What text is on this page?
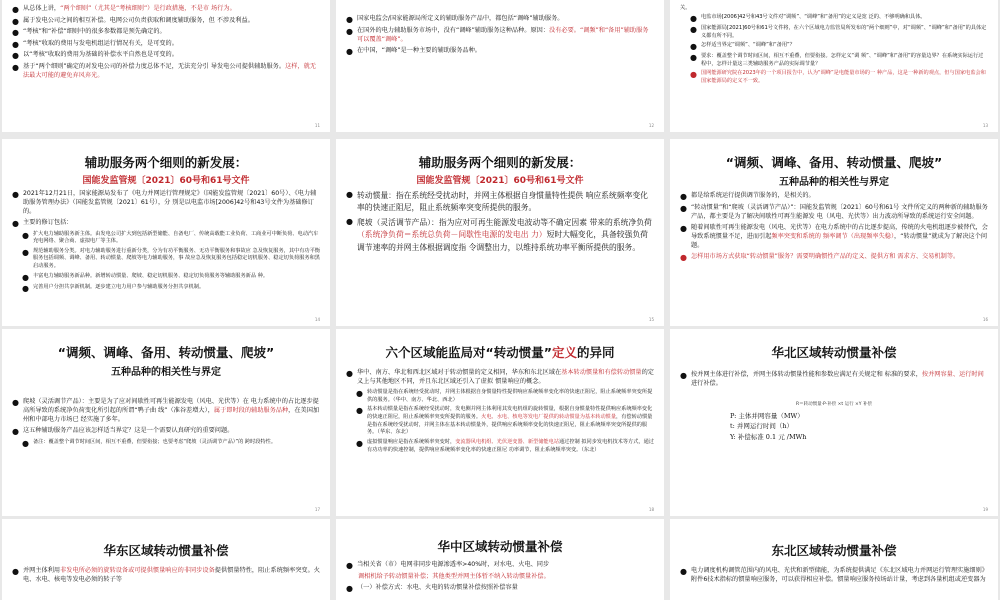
● 从总体上讲，“两个细则”（尤其是“考核细则”）是行政措施，不是市 场行为。
● 属于发电公司之间的相互补偿。电网公司负责获取和调度辅助服务，但 不涉及利益。
● “考核”和“补偿”细则中的很多参数都是预先确定的。
● “考核”收取的费用与发电机组运行情况有关，是可变的。
● 以“考核”收取的费用为基础的补偿水平自然也是可变的。
● 基于“两个细则”确定的对发电公司的补偿力度总体不足，无法充分引 导发电公司提供辅助服务。这样，就无法最大可能的避免弃风弃光。
11
● 国家电监会/国家能源局所定义的辅助服务产品中，都包括“调峰”辅助服务。
● 在国外的电力辅助服务市场中，没有“调峰”辅助服务这种品种。原因：没有必要。“调频”和“备用”辅助服务可以覆盖“调峰”。
● 在中国，“调峰”是一种主要的辅助服务品种。
12
关。
● 电监市场[2006]42号和43号文件对“调频”、“调峰”和“备用”的定义是宽 泛的、不够明确和具体。
● 国家能源局[2021]60号和61号文件将，在六个区域电力监管局所发布的“两个细则”中，对“调频”、“调峰”和“备用”的具体定义都有所不同。
● 怎样适当界定“调频”、“调峰”和“备用”？
● 要求：覆盖整个调节时间区间，相互不重叠，但要衔接。怎样定义“调 频”、“调峰”和“备用”的容量边界？在系统实际运行过程中，怎样计量这三类辅助服务产品的实际调节量？
● 国网能源研究院在2023年的一个项目报告中，认为“调峰”是电能量市场的一 种产品，这是一种新的观点，但与国家电监会和国家能源局的定义不一致。
13
辅助服务两个细则的新发展：
国能发监管规〔2021〕60号和61号文件
● 2021年12月21日，国家能源局发布了《电力并网运行管理规定》（国能发监管规〔2021〕60号）、《电力辅助服务管理办法》（国能发监管规〔2021〕61号），分 别是以电监市场[2006]42号和43号文件为基础修订的。
● 主要的修订包括：
● 扩大电力辅助服务新主体。由发电公司扩大到包括新型储能、自备电厂、传统高载能工业负荷、工商业可中断负荷、电动汽车充电网络、聚合商、虚拟电厂等主体。
● 规范辅助服务分类。对电力辅助服务进行重新分类，分为有功平衡服务、无功平衡服务和事故应 急及恢复服务，其中有功平衡服务包括调频、调峰、备用、转动惯量、爬坡等电力辅助服务，事 故应急及恢复服务包括稳定切机服务、稳定切负荷服务和黑启动服务。
● 丰富电力辅助服务新品种。新增转动惯量、爬坡、稳定切机服务、稳定切负荷服务等辅助服务新品 种。
● 完善用户分担共享新机制。逐步建立电力用户参与辅助服务分担共享机制。
14
辅助服务两个细则的新发展：
国能发监管规〔2021〕60号和61号文件
● 转动惯量：指在系统经受扰动时，并网主体根据自身惯量特性提供 响应系统频率变化率的快速正阻尼，阻止系统频率突变所提供的服务。
● 爬坡（灵活调节产品）：指为应对可再生能源发电波动等不确定因素 带来的系统净负荷（系统净负荷＝系统总负荷－间歇性电源的发电出 力）短时大幅变化，具备较强负荷调节速率的并网主体根据调度指 令调整出力，以维持系统功率平衡所提供的服务。
15
“调频、调峰、备用、转动惯量、爬坡”
五种品种的相关性与界定
● 都是给系统运行提供调节服务的，是相关的。
● “转动惯量”和“爬坡（灵活调节产品）”：国能发监管规〔2021〕60号和61号 文件所定义的两种新的辅助服务产品，都主要是为了解决间歇性可再生能源发 电（风电、光伏等）出力波动所导致的系统运行安全问题。
● 随着间歇性可再生能源发电（风电、光伏等）在电力系统中的占比逐步提高，传统的火电机组逐步被替代，会导致系统惯量不足，进而引起频率突变和系统的 频率调节（出现频率失稳），“转动惯量”就成为了解决这个问题。
● 怎样用市场方式获取“转动惯量”服务？需要明确惯性产品的定义、提供方和 需求方、交易机制等。
16
“调频、调峰、备用、转动惯量、爬坡”
五种品种的相关性与界定
● 爬坡（灵活调节产品）：主要是为了应对间歇性可再生能源发电（风电、光伏等）在 电力系统中的占比逐步提高所导致的系统净负荷变化所引起的所谓“鸭子曲 线”（准谷差增大），属于即时段的辅助服务品种，在美国加州和中部电力市场已 经实施了多年。
● 这五种辅助服务产品应该怎样适当界定？这是一个需要认真研究的重要问题。
● 备注：覆盖整个调节时间区间，相互不重叠，但要衔接；也要考虑“爬坡（灵活调节产品）”的 跨时段特性。
17
六个区域能监局对“转动惯量”定义的异同
● 华中、南方、华北和西北区域对于转动惯量的定义相同，华东和东北区域在基本转动惯量和有偿转动惯量的定义上与其他地区不同，并且东北区域还引入了虚拟 惯量响应的概念。
● 转动惯量是指在系统经受扰动时，并网主体根据自身惯量特性提供响应系统频率变化率的快速正阻尼，阻止系统频率突变所提供的服务。（华中、南方、华北、西北）
● 基本转动惯量是指在系统经受扰动时，发电侧并网主体利用其发电机组的旋转惯量，根据自身惯量特性提供响应系统频率变化的快速正阻尼，阻止系统频率突变所提供的服务。火电、水电、核电等发电厂提供的转动惯量为基本转动惯量，有偿转动惯量是指在系统经受扰动时，并网主体在基本转动惯量外，提供响应系统频率变化的快速正阻尼，阻止系统频率突变所提供的服务。（华东、东北）
● 虚拟惯量响应是指在系统频率突变时，变流器风电机组、光伏逆变器、新型储能电站通过控制 拟同步发电机技术等方式，通过有功功率的快速控制，提供响应系统频率变化率的快速正阻尼 功率调节，阻止系统频率突变。（东北）
18
华北区域转动惯量补偿
● 按并网主体进行补偿，并网主体转动惯量性能和参数应满足有关规定和 标准的要求，按并网容量、运行时间进行补偿。
R＝转动惯量·P·补偿 ×t 运行 ×Y 补偿
P: 主体并网容量（MW）
t: 并网运行时间（h）
Y: 补偿标准 0.1 元 /MWh
19
华东区域转动惯量补偿
● 并网主体利用非发电所必须的旋转设备或可提供惯量响应的非同步设备提供惯量特性，阻止系统频率突变。火电、水电、核电等发电必须的转子等
华中区域转动惯量补偿
● 当相关省（市）电网非同步电源渗透率>40%时，对水电、火电、同步
调相机给予转动惯量补偿；其他类型并网主体暂不纳入转动惯量补偿。
● （一）补偿方式：水电、火电的转动惯量补偿按照补偿容量
东北区域转动惯量补偿
● 电力调度机构调管范围内的风电、光伏和新型储能，为系统提供满足《东北区域电力并网运行管理实施细则》附件6技术指标的惯量响应服务，可以获得相应补偿。惯量响应服务按场站计量，考虑到各量机组或逆变器为
